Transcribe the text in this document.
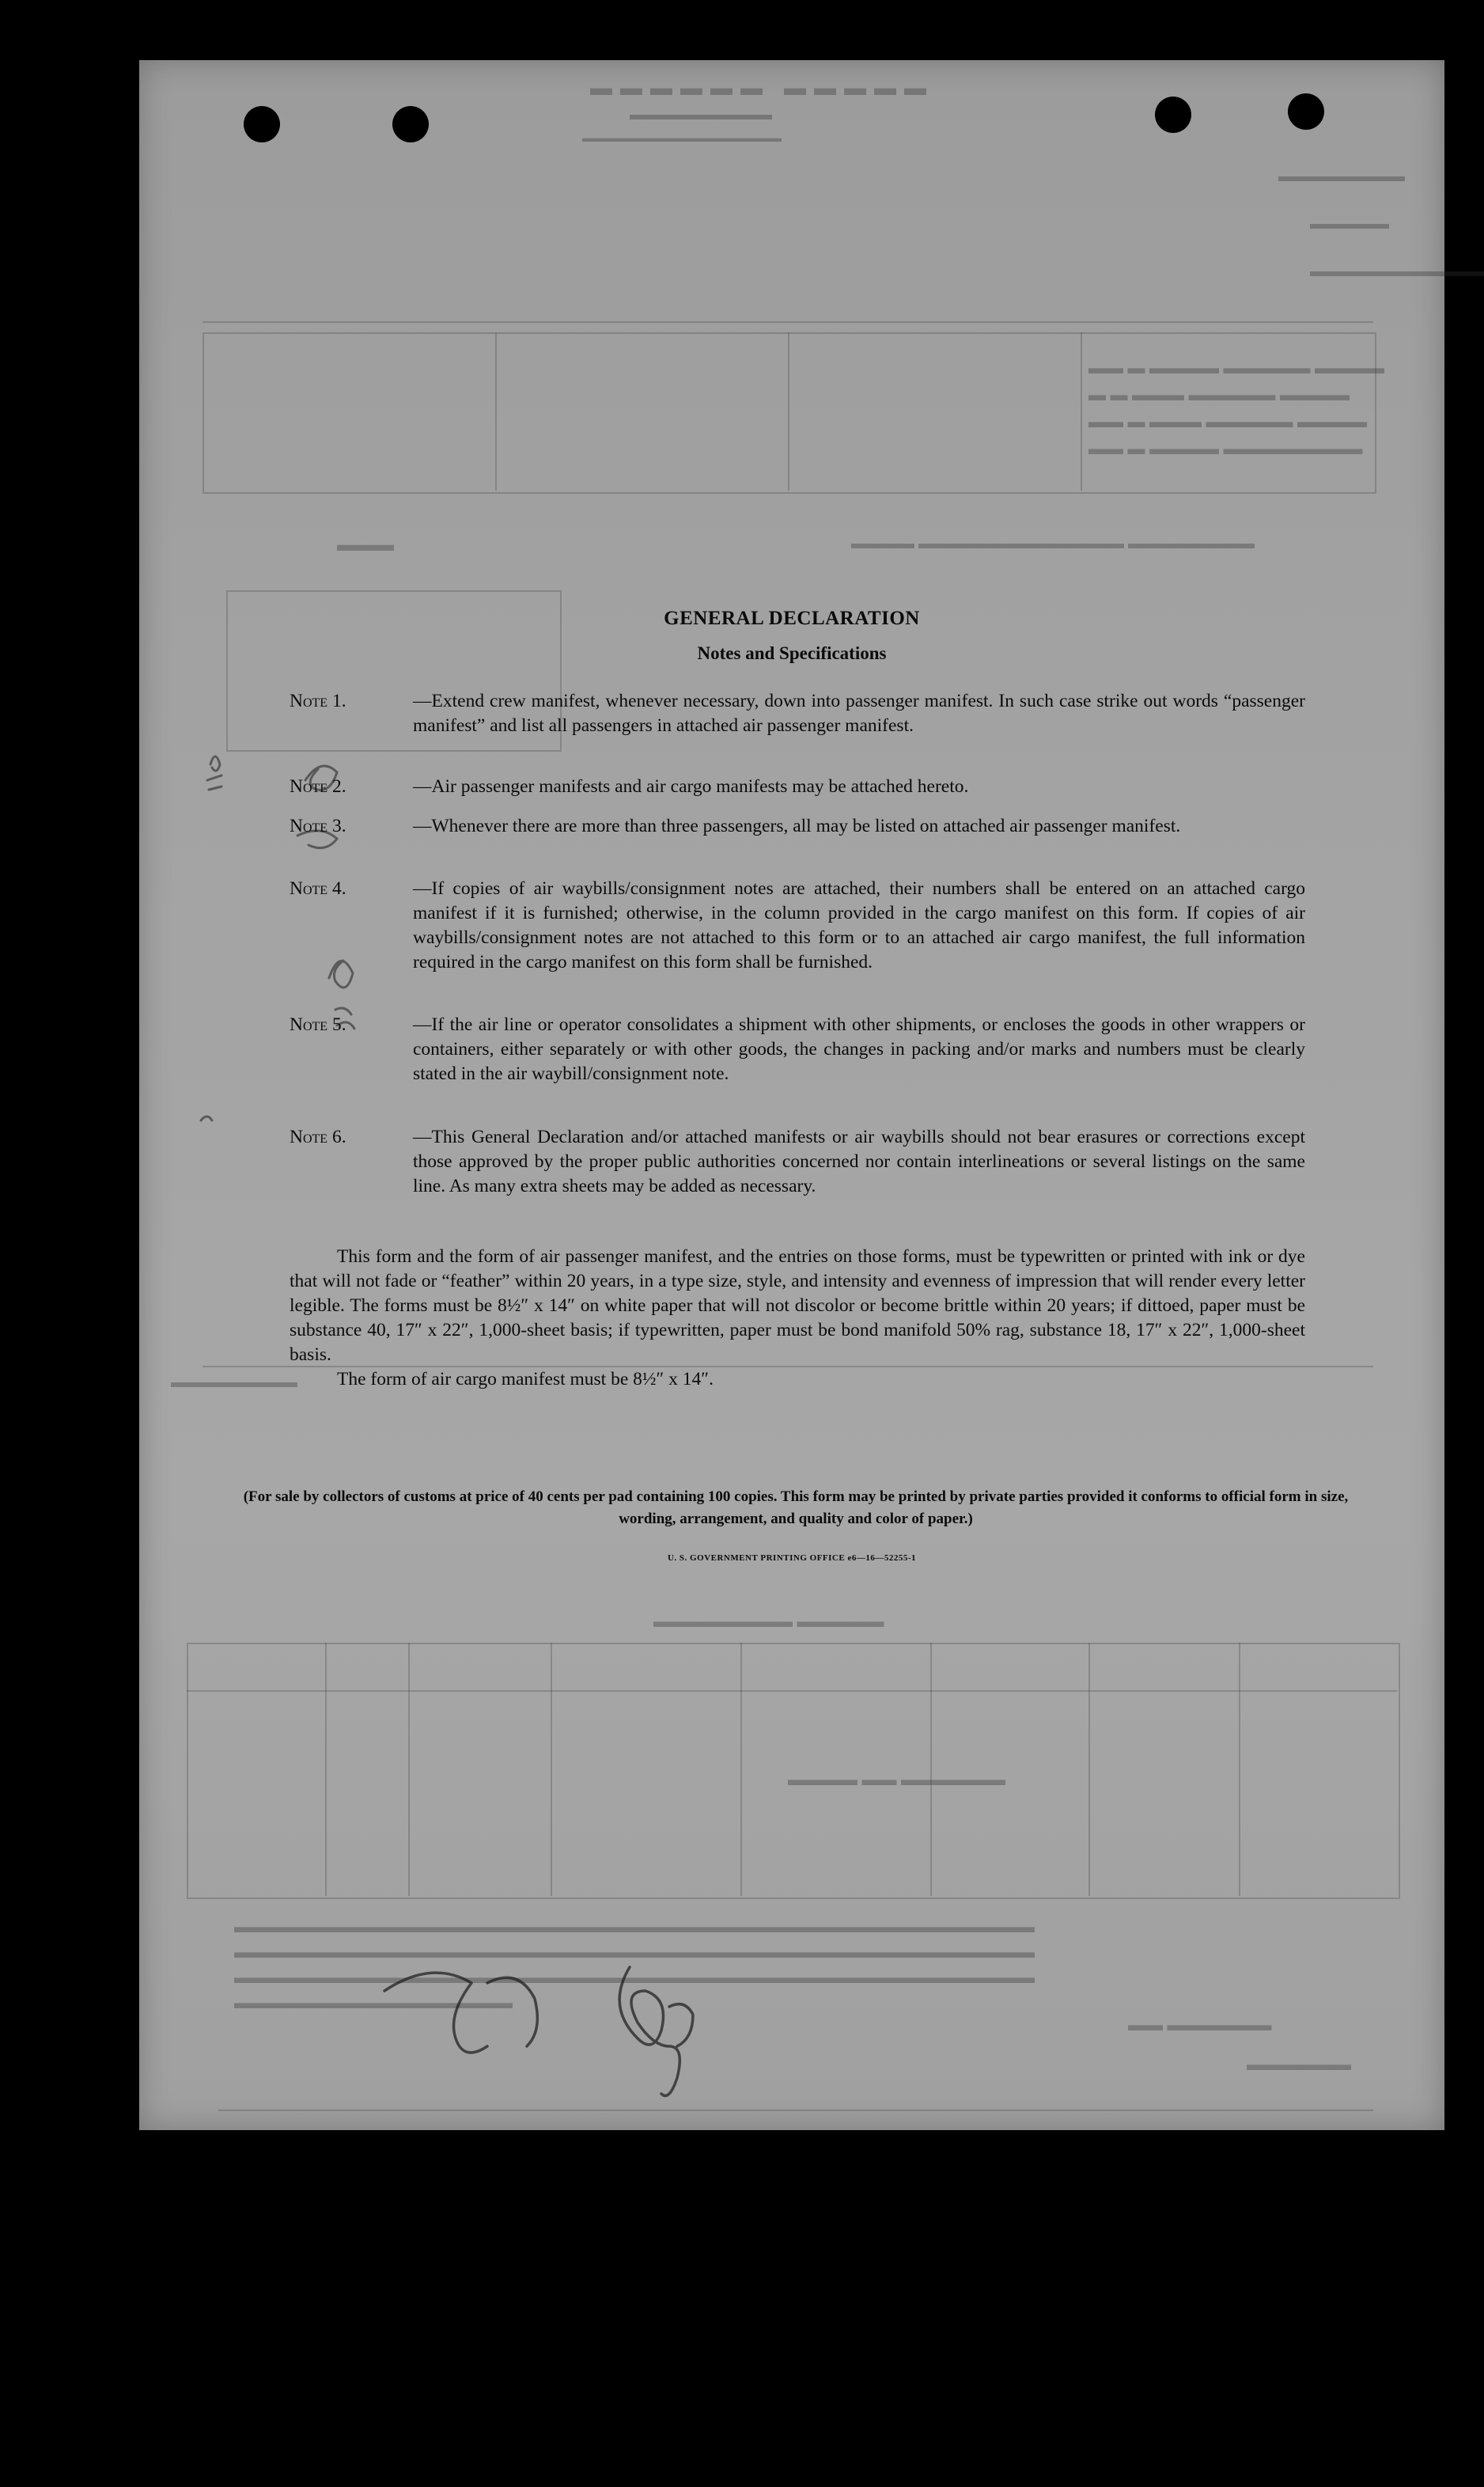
▬▬▬▬▬ ▬▬▬▬▬▬
▬▬▬▬▬▬▬▬▬
▬▬▬▬▬▬▬▬▬▬▬▬▬▬▬▬▬▬
▬▬▬▬▬▬▬▬
▬▬▬▬▬
▬▬▬▬▬▬▬▬▬▬▬
▬▬▬▬ ▬▬▬▬▬ ▬▬▬▬ ▬ ▬▬
▬▬▬▬ ▬▬▬▬▬ ▬▬▬ ▬ ▬
▬▬▬▬ ▬▬▬▬▬ ▬▬▬ ▬ ▬▬
▬▬▬▬▬▬▬▬ ▬▬▬▬ ▬ ▬▬
▬▬▬▬▬▬▬▬ ▬▬▬▬▬▬▬▬▬▬▬▬▬ ▬▬▬▬
▬▬▬
▬▬▬▬▬▬▬▬
▬▬▬▬▬ ▬▬▬▬▬▬▬▬
▬▬▬▬▬▬ ▬▬ ▬▬▬▬
▬▬▬▬▬▬▬▬▬▬▬▬▬▬▬▬▬▬▬▬▬▬▬▬▬▬▬▬▬▬▬▬▬▬▬▬▬▬▬▬▬▬▬▬▬▬
▬▬▬▬▬▬▬▬▬▬▬▬▬▬▬▬▬▬▬▬▬▬▬▬▬▬▬▬▬▬▬▬▬▬▬▬▬▬▬▬▬▬▬▬▬▬
▬▬▬▬▬▬▬▬▬▬▬▬▬▬▬▬▬▬▬▬▬▬▬▬▬▬▬▬▬▬▬▬▬▬▬▬▬▬▬▬▬▬▬▬▬▬
▬▬▬▬▬▬▬▬▬▬▬▬▬▬▬▬
▬▬▬▬▬▬ ▬▬
▬▬▬▬▬▬
GENERAL DECLARATION
Notes and Specifications
Note 1.	—Extend crew manifest, whenever necessary, down into passenger manifest. In such case strike out words “passenger manifest” and list all passengers in attached air passenger manifest.
Note 2.	—Air passenger manifests and air cargo manifests may be attached hereto.
Note 3.	—Whenever there are more than three passengers, all may be listed on attached air passenger manifest.
Note 4.	—If copies of air waybills/consignment notes are attached, their numbers shall be entered on an attached cargo manifest if it is furnished; otherwise, in the column provided in the cargo manifest on this form. If copies of air waybills/consignment notes are not attached to this form or to an attached air cargo manifest, the full information required in the cargo manifest on this form shall be furnished.
Note 5.	—If the air line or operator consolidates a shipment with other shipments, or encloses the goods in other wrappers or containers, either separately or with other goods, the changes in packing and/or marks and numbers must be clearly stated in the air waybill/consignment note.
Note 6.	—This General Declaration and/or attached manifests or air waybills should not bear erasures or corrections except those approved by the proper public authorities concerned nor contain interlineations or several listings on the same line. As many extra sheets may be added as necessary.
This form and the form of air passenger manifest, and the entries on those forms, must be typewritten or printed with ink or dye that will not fade or “feather” within 20 years, in a type size, style, and intensity and evenness of impression that will render every letter legible. The forms must be 8½″ x 14″ on white paper that will not discolor or become brittle within 20 years; if dittoed, paper must be substance 40, 17″ x 22″, 1,000-sheet basis; if typewritten, paper must be bond manifold 50% rag, substance 18, 17″ x 22″, 1,000-sheet basis.
The form of air cargo manifest must be 8½″ x 14″.
(For sale by collectors of customs at price of 40 cents per pad containing 100 copies. This form may be printed by private parties provided it conforms to official form in size, wording, arrangement, and quality and color of paper.)
U. S. GOVERNMENT PRINTING OFFICE e6—16—52255-1
